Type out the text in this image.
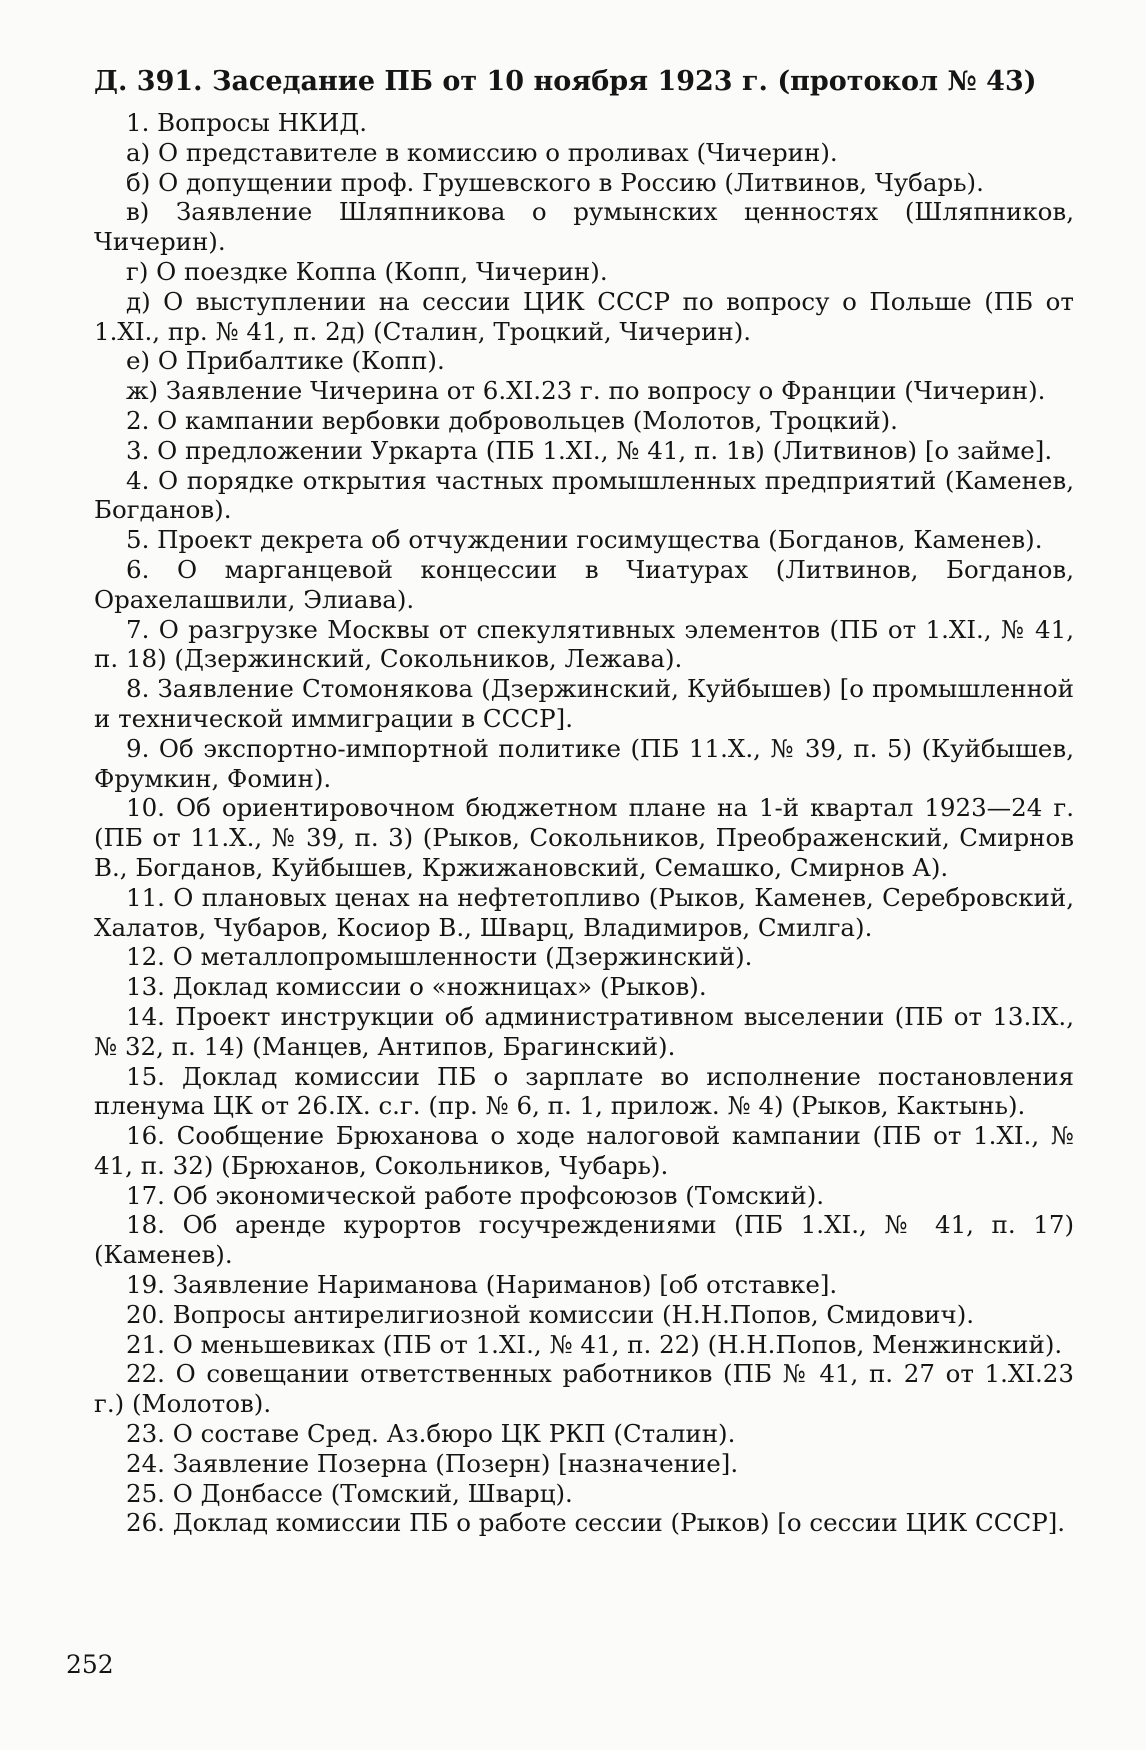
Д. 391. Заседание ПБ от 10 ноября 1923 г. (протокол № 43)

1. Вопросы НКИД.

а) О представителе в комиссию о проливах (Чичерин).

б) О допущении проф. Грушевского в Россию (Литвинов, Чубарь).

в) Заявление Шляпникова о румынских ценностях (Шляпников, Чичерин).

г) О поездке Коппа (Копп, Чичерин).

д) О выступлении на сессии ЦИК СССР по вопросу о Польше (ПБ от 1.XI., пр. № 41, п. 2д) (Сталин, Троцкий, Чичерин).

е) О Прибалтике (Копп).

ж) Заявление Чичерина от 6.XI.23 г. по вопросу о Франции (Чичерин).

2. О кампании вербовки добровольцев (Молотов, Троцкий).

3. О предложении Уркарта (ПБ 1.XI., № 41, п. 1в) (Литвинов) [о займе].

4. О порядке открытия частных промышленных предприятий (Каменев, Богданов).

5. Проект декрета об отчуждении госимущества (Богданов, Каменев).

6. О марганцевой концессии в Чиатурах (Литвинов, Богданов, Орахелашвили, Элиава).

7. О разгрузке Москвы от спекулятивных элементов (ПБ от 1.XI., № 41, п. 18) (Дзержинский, Сокольников, Лежава).

8. Заявление Стомонякова (Дзержинский, Куйбышев) [о промышленной и технической иммиграции в СССР].

9. Об экспортно-импортной политике (ПБ 11.X., № 39, п. 5) (Куйбышев, Фрумкин, Фомин).

10. Об ориентировочном бюджетном плане на 1-й квартал 1923—24 г. (ПБ от 11.X., № 39, п. 3) (Рыков, Сокольников, Преображенский, Смирнов В., Богданов, Куйбышев, Кржижановский, Семашко, Смирнов А).

11. О плановых ценах на нефтетопливо (Рыков, Каменев, Серебровский, Халатов, Чубаров, Косиор В., Шварц, Владимиров, Смилга).

12. О металлопромышленности (Дзержинский).

13. Доклад комиссии о «ножницах» (Рыков).

14. Проект инструкции об административном выселении (ПБ от 13.IX., № 32, п. 14) (Манцев, Антипов, Брагинский).

15. Доклад комиссии ПБ о зарплате во исполнение постановления пленума ЦК от 26.IX. с.г. (пр. № 6, п. 1, прилож. № 4) (Рыков, Кактынь).

16. Сообщение Брюханова о ходе налоговой кампании (ПБ от 1.XI., № 41, п. 32) (Брюханов, Сокольников, Чубарь).

17. Об экономической работе профсоюзов (Томский).

18. Об аренде курортов госучреждениями (ПБ 1.XI., № 41, п. 17) (Каменев).

19. Заявление Нариманова (Нариманов) [об отставке].

20. Вопросы антирелигиозной комиссии (Н.Н.Попов, Смидович).

21. О меньшевиках (ПБ от 1.XI., № 41, п. 22) (Н.Н.Попов, Менжинский).

22. О совещании ответственных работников (ПБ № 41, п. 27 от 1.XI.23 г.) (Молотов).

23. О составе Сред. Аз.бюро ЦК РКП (Сталин).

24. Заявление Позерна (Позерн) [назначение].

25. О Донбассе (Томский, Шварц).

26. Доклад комиссии ПБ о работе сессии (Рыков) [о сессии ЦИК СССР].

252
